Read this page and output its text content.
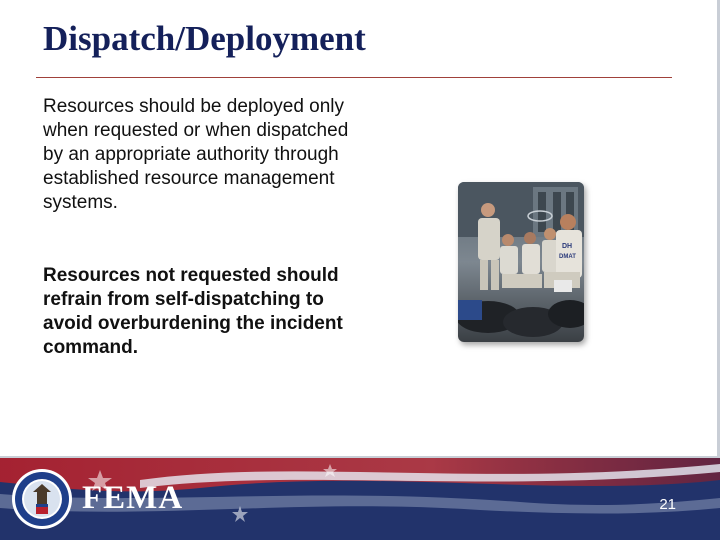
Dispatch/Deployment

Resources should be deployed only when requested or when dispatched by an appropriate authority through established resource management systems.

Resources not requested should refrain from self-dispatching to avoid overburdening the incident command.

DH
DMAT
FEMA	21
